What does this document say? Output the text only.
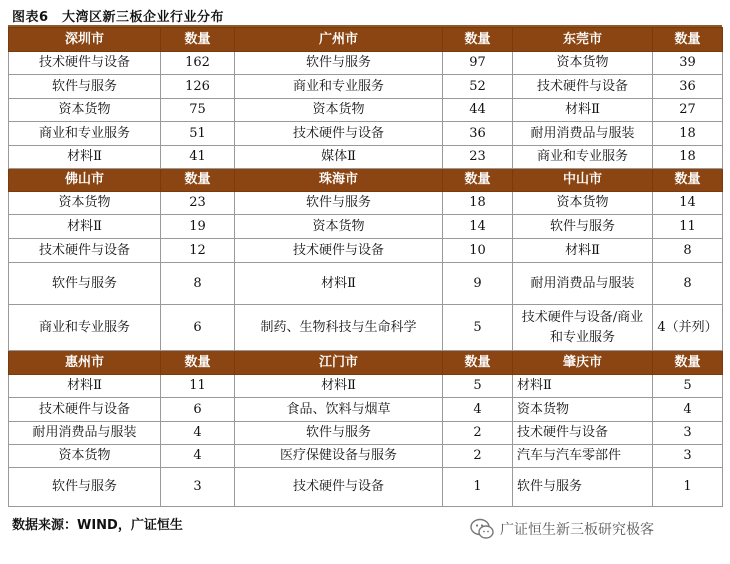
图表6　大湾区新三板企业行业分布
深圳市	数量	广州市	数量	东莞市	数量
技术硬件与设备	162	软件与服务	97	资本货物	39
软件与服务	126	商业和专业服务	52	技术硬件与设备	36
资本货物	75	资本货物	44	材料Ⅱ	27
商业和专业服务	51	技术硬件与设备	36	耐用消费品与服装	18
材料Ⅱ	41	媒体Ⅱ	23	商业和专业服务	18
佛山市	数量	珠海市	数量	中山市	数量
资本货物	23	软件与服务	18	资本货物	14
材料Ⅱ	19	资本货物	14	软件与服务	11
技术硬件与设备	12	技术硬件与设备	10	材料Ⅱ	8
软件与服务	8	材料Ⅱ	9	耐用消费品与服装	8
商业和专业服务	6	制药、生物科技与生命科学	5	技术硬件与设备/商业和专业服务	4（并列）
惠州市	数量	江门市	数量	肇庆市	数量
材料Ⅱ	11	材料Ⅱ	5	材料Ⅱ	5
技术硬件与设备	6	食品、饮料与烟草	4	资本货物	4
耐用消费品与服装	4	软件与服务	2	技术硬件与设备	3
资本货物	4	医疗保健设备与服务	2	汽车与汽车零部件	3
软件与服务	3	技术硬件与设备	1	软件与服务	1
数据来源：WIND，广证恒生	广证恒生新三板研究极客
